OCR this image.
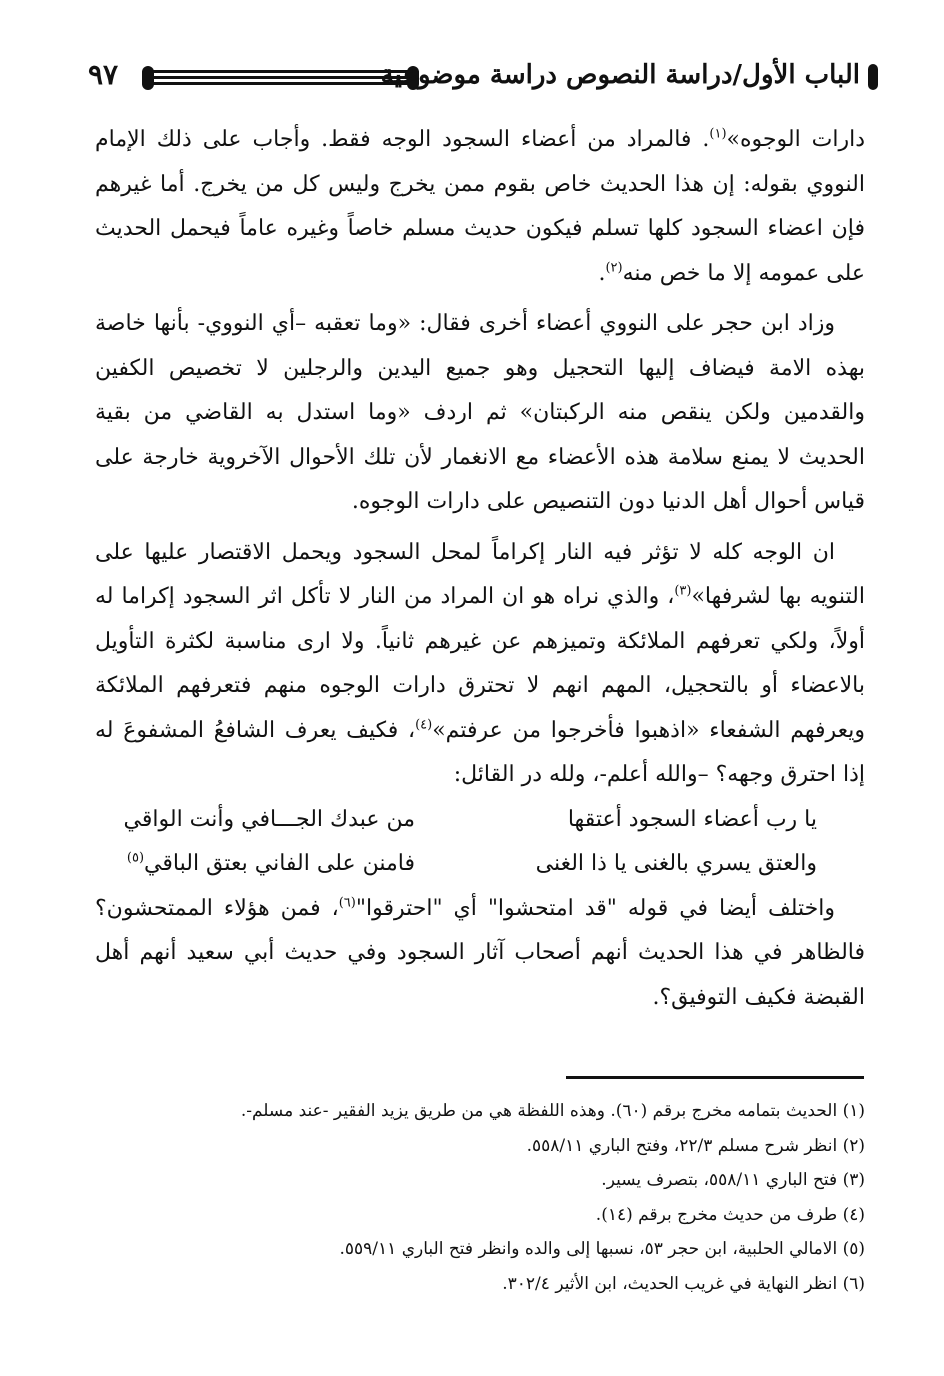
٩٧	الباب الأول/دراسة النصوص دراسة موضوعية

دارات الوجوه»$^{(١)}$. فالمراد من أعضاء السجود الوجه فقط. وأجاب على ذلك الإمام النووي بقوله: إن هذا الحديث خاص بقوم ممن يخرج وليس كل من يخرج. أما غيرهم فإن اعضاء السجود كلها تسلم فيكون حديث مسلم خاصاً وغيره عاماً فيحمل الحديث على عمومه إلا ما خص منه$^{(٢)}$.

وزاد ابن حجر على النووي أعضاء أخرى فقال: «وما تعقبه –أي النووي- بأنها خاصة بهذه الامة فيضاف إليها التحجيل وهو جميع اليدين والرجلين لا تخصيص الكفين والقدمين ولكن ينقص منه الركبتان» ثم اردف «وما استدل به القاضي من بقية الحديث لا يمنع سلامة هذه الأعضاء مع الانغمار لأن تلك الأحوال الآخروية خارجة على قياس أحوال أهل الدنيا دون التنصيص على دارات الوجوه.

ان الوجه كله لا تؤثر فيه النار إكراماً لمحل السجود ويحمل الاقتصار عليها على التنويه بها لشرفها»$^{(٣)}$، والذي نراه هو ان المراد من النار لا تأكل اثر السجود إكراما له أولاً، ولكي تعرفهم الملائكة وتميزهم عن غيرهم ثانياً. ولا ارى مناسبة لكثرة التأويل بالاعضاء أو بالتحجيل، المهم انهم لا تحترق دارات الوجوه منهم فتعرفهم الملائكة ويعرفهم الشفعاء «اذهبوا فأخرجوا من عرفتم»$^{(٤)}$، فكيف يعرف الشافعُ المشفوعَ له إذا احترق وجهه؟ –والله أعلم-، ولله در القائل:

يا رب أعضاء السجود أعتقها
من عبدك الجـــافي وأنت الواقي
والعتق يسري بالغنى يا ذا الغنى
فامنن على الفاني بعتق الباقي$^{(٥)}$

واختلف أيضا في قوله "قد امتحشوا" أي "احترقوا"$^{(٦)}$، فمن هؤلاء الممتحشون؟ فالظاهر في هذا الحديث أنهم أصحاب آثار السجود وفي حديث أبي سعيد أنهم أهل القبضة فكيف التوفيق؟.

(١) الحديث بتمامه مخرج برقم (٦٠). وهذه اللفظة هي من طريق يزيد الفقير -عند مسلم-.
(٢) انظر شرح مسلم ٢٢/٣، وفتح الباري ٥٥٨/١١.
(٣) فتح الباري ٥٥٨/١١، بتصرف يسير.
(٤) طرف من حديث مخرج برقم (١٤).
(٥) الامالي الحلبية، ابن حجر ٥٣، نسبها إلى والده وانظر فتح الباري ٥٥٩/١١.
(٦) انظر النهاية في غريب الحديث، ابن الأثير ٣٠٢/٤.
